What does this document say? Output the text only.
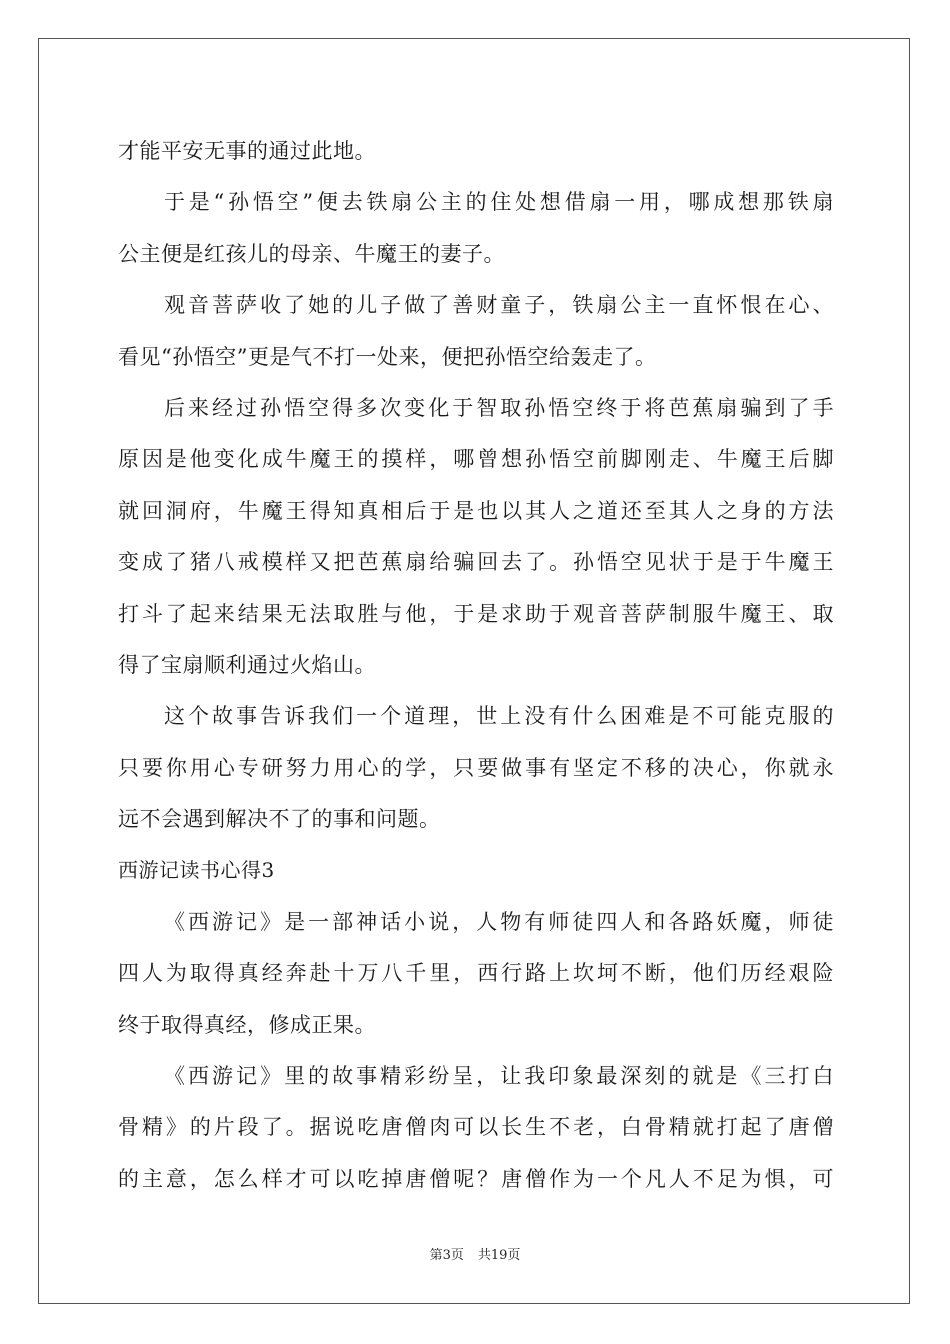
才能平安无事的通过此地。
于是“孙悟空”便去铁扇公主的住处想借扇一用，哪成想那铁扇
公主便是红孩儿的母亲、牛魔王的妻子。
观音菩萨收了她的儿子做了善财童子，铁扇公主一直怀恨在心、
看见“孙悟空”更是气不打一处来，便把孙悟空给轰走了。
后来经过孙悟空得多次变化于智取孙悟空终于将芭蕉扇骗到了手
原因是他变化成牛魔王的摸样，哪曾想孙悟空前脚刚走、牛魔王后脚
就回洞府，牛魔王得知真相后于是也以其人之道还至其人之身的方法
变成了猪八戒模样又把芭蕉扇给骗回去了。孙悟空见状于是于牛魔王
打斗了起来结果无法取胜与他，于是求助于观音菩萨制服牛魔王、取
得了宝扇顺利通过火焰山。
这个故事告诉我们一个道理，世上没有什么困难是不可能克服的
只要你用心专研努力用心的学，只要做事有坚定不移的决心，你就永
远不会遇到解决不了的事和问题。
西游记读书心得3
《西游记》是一部神话小说，人物有师徒四人和各路妖魔，师徒
四人为取得真经奔赴十万八千里，西行路上坎坷不断，他们历经艰险
终于取得真经，修成正果。
《西游记》里的故事精彩纷呈，让我印象最深刻的就是《三打白
骨精》的片段了。据说吃唐僧肉可以长生不老，白骨精就打起了唐僧
的主意，怎么样才可以吃掉唐僧呢？唐僧作为一个凡人不足为惧，可
第3页 共19页
